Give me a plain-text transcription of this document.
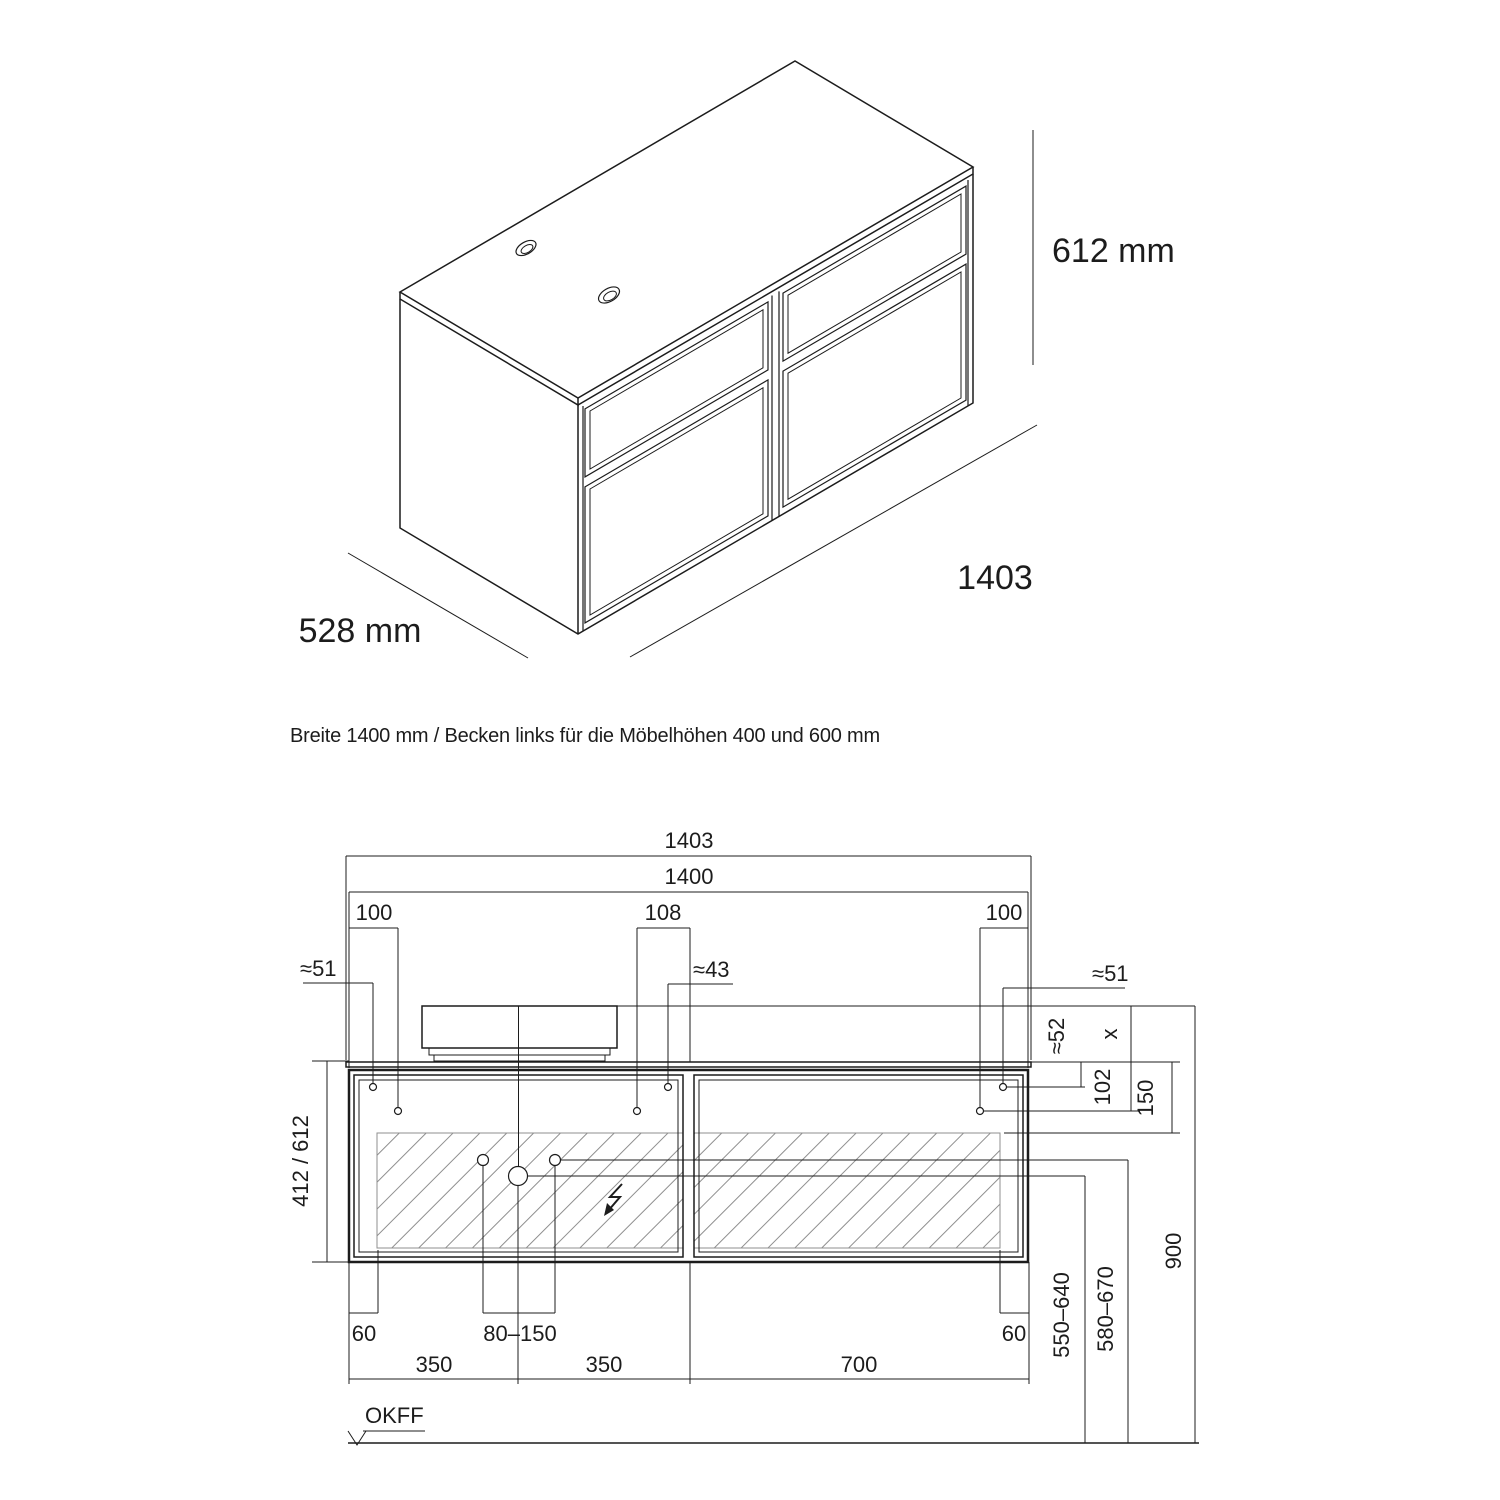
612 mm
1403
528 mm
Breite 1400 mm / Becken links für die Möbelhöhen 400 und 600 mm
1403
1400
100	108	100
≈51	≈43	≈51
60	80–150	60
350	350	700
OKFF
412 / 612
≈52 x
102 150
900
550–640 580–670
